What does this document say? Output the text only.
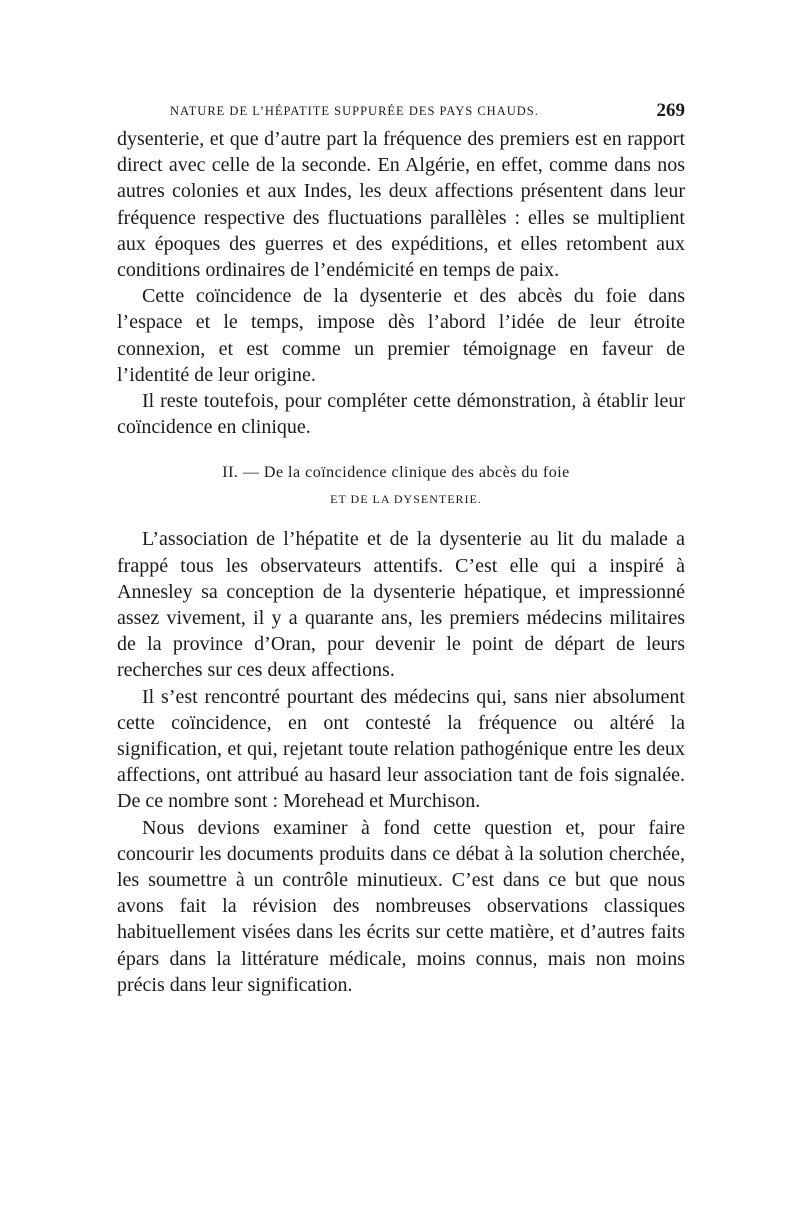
NATURE DE L’HÉPATITE SUPPURÉE DES PAYS CHAUDS.	269

dysenterie, et que d’autre part la fréquence des premiers est en rapport direct avec celle de la seconde. En Algérie, en effet, comme dans nos autres colonies et aux Indes, les deux affections présentent dans leur fréquence respective des fluctuations parallèles : elles se multiplient aux époques des guerres et des expéditions, et elles retombent aux conditions ordinaires de l’endémicité en temps de paix.

Cette coïncidence de la dysenterie et des abcès du foie dans l’espace et le temps, impose dès l’abord l’idée de leur étroite connexion, et est comme un premier témoignage en faveur de l’identité de leur origine.

Il reste toutefois, pour compléter cette démonstration, à établir leur coïncidence en clinique.

II. — De la coïncidence clinique des abcès du foie
ET DE LA DYSENTERIE.

L’association de l’hépatite et de la dysenterie au lit du malade a frappé tous les observateurs attentifs. C’est elle qui a inspiré à Annesley sa conception de la dysenterie hépatique, et impressionné assez vivement, il y a quarante ans, les premiers médecins militaires de la province d’Oran, pour devenir le point de départ de leurs recherches sur ces deux affections.

Il s’est rencontré pourtant des médecins qui, sans nier absolument cette coïncidence, en ont contesté la fréquence ou altéré la signification, et qui, rejetant toute relation pathogénique entre les deux affections, ont attribué au hasard leur association tant de fois signalée. De ce nombre sont : Morehead et Murchison.

Nous devions examiner à fond cette question et, pour faire concourir les documents produits dans ce débat à la solution cherchée, les soumettre à un contrôle minutieux. C’est dans ce but que nous avons fait la révision des nombreuses observations classiques habituellement visées dans les écrits sur cette matière, et d’autres faits épars dans la littérature médicale, moins connus, mais non moins précis dans leur signification.
